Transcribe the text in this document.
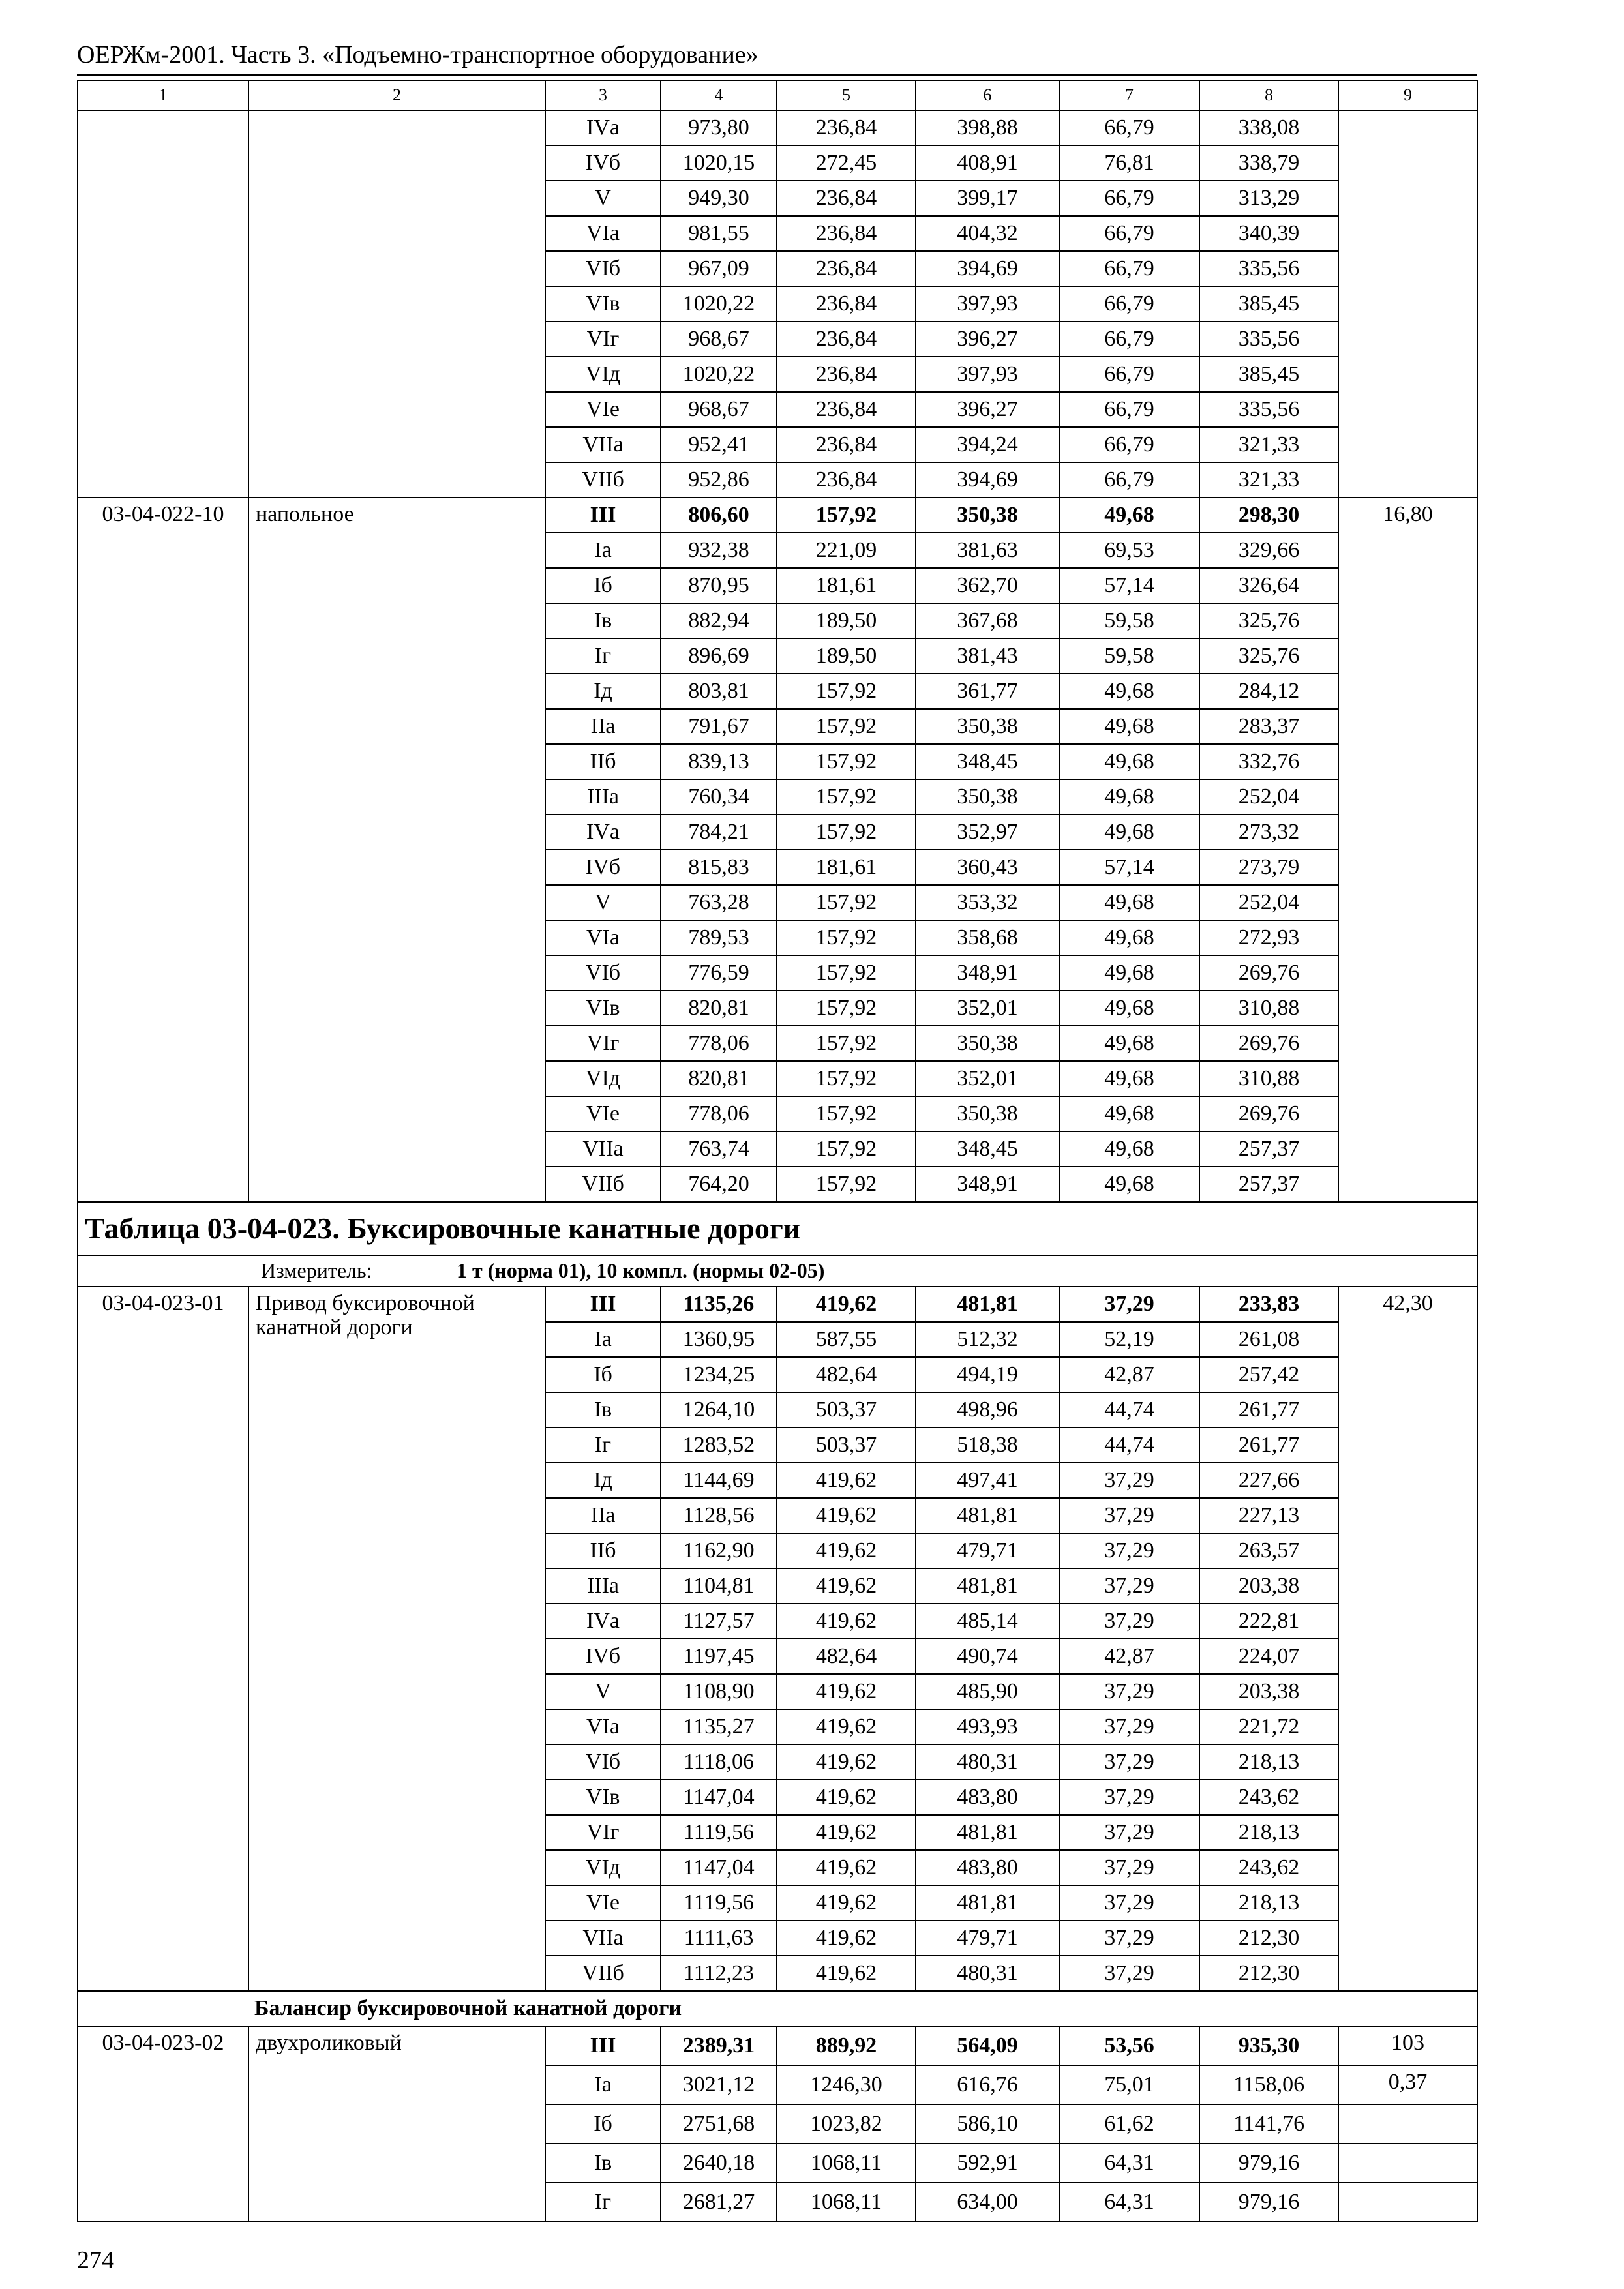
ОЕРЖм-2001. Часть 3. «Подъемно-транспортное оборудование»
1	2	3	4	5	6	7	8	9
		IVа	973,80	236,84	398,88	66,79	338,08	
		IVб	1020,15	272,45	408,91	76,81	338,79	
		V	949,30	236,84	399,17	66,79	313,29	
		VIа	981,55	236,84	404,32	66,79	340,39	
		VIб	967,09	236,84	394,69	66,79	335,56	
		VIв	1020,22	236,84	397,93	66,79	385,45	
		VIг	968,67	236,84	396,27	66,79	335,56	
		VIд	1020,22	236,84	397,93	66,79	385,45	
		VIе	968,67	236,84	396,27	66,79	335,56	
		VIIа	952,41	236,84	394,24	66,79	321,33	
		VIIб	952,86	236,84	394,69	66,79	321,33	
03-04-022-10	напольное	III	806,60	157,92	350,38	49,68	298,30	16,80
		Iа	932,38	221,09	381,63	69,53	329,66	
		Iб	870,95	181,61	362,70	57,14	326,64	
		Iв	882,94	189,50	367,68	59,58	325,76	
		Iг	896,69	189,50	381,43	59,58	325,76	
		Iд	803,81	157,92	361,77	49,68	284,12	
		IIа	791,67	157,92	350,38	49,68	283,37	
		IIб	839,13	157,92	348,45	49,68	332,76	
		IIIа	760,34	157,92	350,38	49,68	252,04	
		IVа	784,21	157,92	352,97	49,68	273,32	
		IVб	815,83	181,61	360,43	57,14	273,79	
		V	763,28	157,92	353,32	49,68	252,04	
		VIа	789,53	157,92	358,68	49,68	272,93	
		VIб	776,59	157,92	348,91	49,68	269,76	
		VIв	820,81	157,92	352,01	49,68	310,88	
		VIг	778,06	157,92	350,38	49,68	269,76	
		VIд	820,81	157,92	352,01	49,68	310,88	
		VIе	778,06	157,92	350,38	49,68	269,76	
		VIIа	763,74	157,92	348,45	49,68	257,37	
		VIIб	764,20	157,92	348,91	49,68	257,37	
Таблица 03-04-023. Буксировочные канатные дороги								
Измеритель: 1 т (норма 01), 10 компл. (нормы 02-05)								
03-04-023-01	Привод буксировочной канатной дороги	III	1135,26	419,62	481,81	37,29	233,83	42,30
		Iа	1360,95	587,55	512,32	52,19	261,08	
		Iб	1234,25	482,64	494,19	42,87	257,42	
		Iв	1264,10	503,37	498,96	44,74	261,77	
		Iг	1283,52	503,37	518,38	44,74	261,77	
		Iд	1144,69	419,62	497,41	37,29	227,66	
		IIа	1128,56	419,62	481,81	37,29	227,13	
		IIб	1162,90	419,62	479,71	37,29	263,57	
		IIIа	1104,81	419,62	481,81	37,29	203,38	
		IVа	1127,57	419,62	485,14	37,29	222,81	
		IVб	1197,45	482,64	490,74	42,87	224,07	
		V	1108,90	419,62	485,90	37,29	203,38	
		VIа	1135,27	419,62	493,93	37,29	221,72	
		VIб	1118,06	419,62	480,31	37,29	218,13	
		VIв	1147,04	419,62	483,80	37,29	243,62	
		VIг	1119,56	419,62	481,81	37,29	218,13	
		VIд	1147,04	419,62	483,80	37,29	243,62	
		VIе	1119,56	419,62	481,81	37,29	218,13	
		VIIа	1111,63	419,62	479,71	37,29	212,30	
		VIIб	1112,23	419,62	480,31	37,29	212,30	
Балансир буксировочной канатной дороги								
03-04-023-02	двухроликовый	III	2389,31	889,92	564,09	53,56	935,30	103
		Iа	3021,12	1246,30	616,76	75,01	1158,06	0,37
		Iб	2751,68	1023,82	586,10	61,62	1141,76	
		Iв	2640,18	1068,11	592,91	64,31	979,16	
		Iг	2681,27	1068,11	634,00	64,31	979,16	
274
